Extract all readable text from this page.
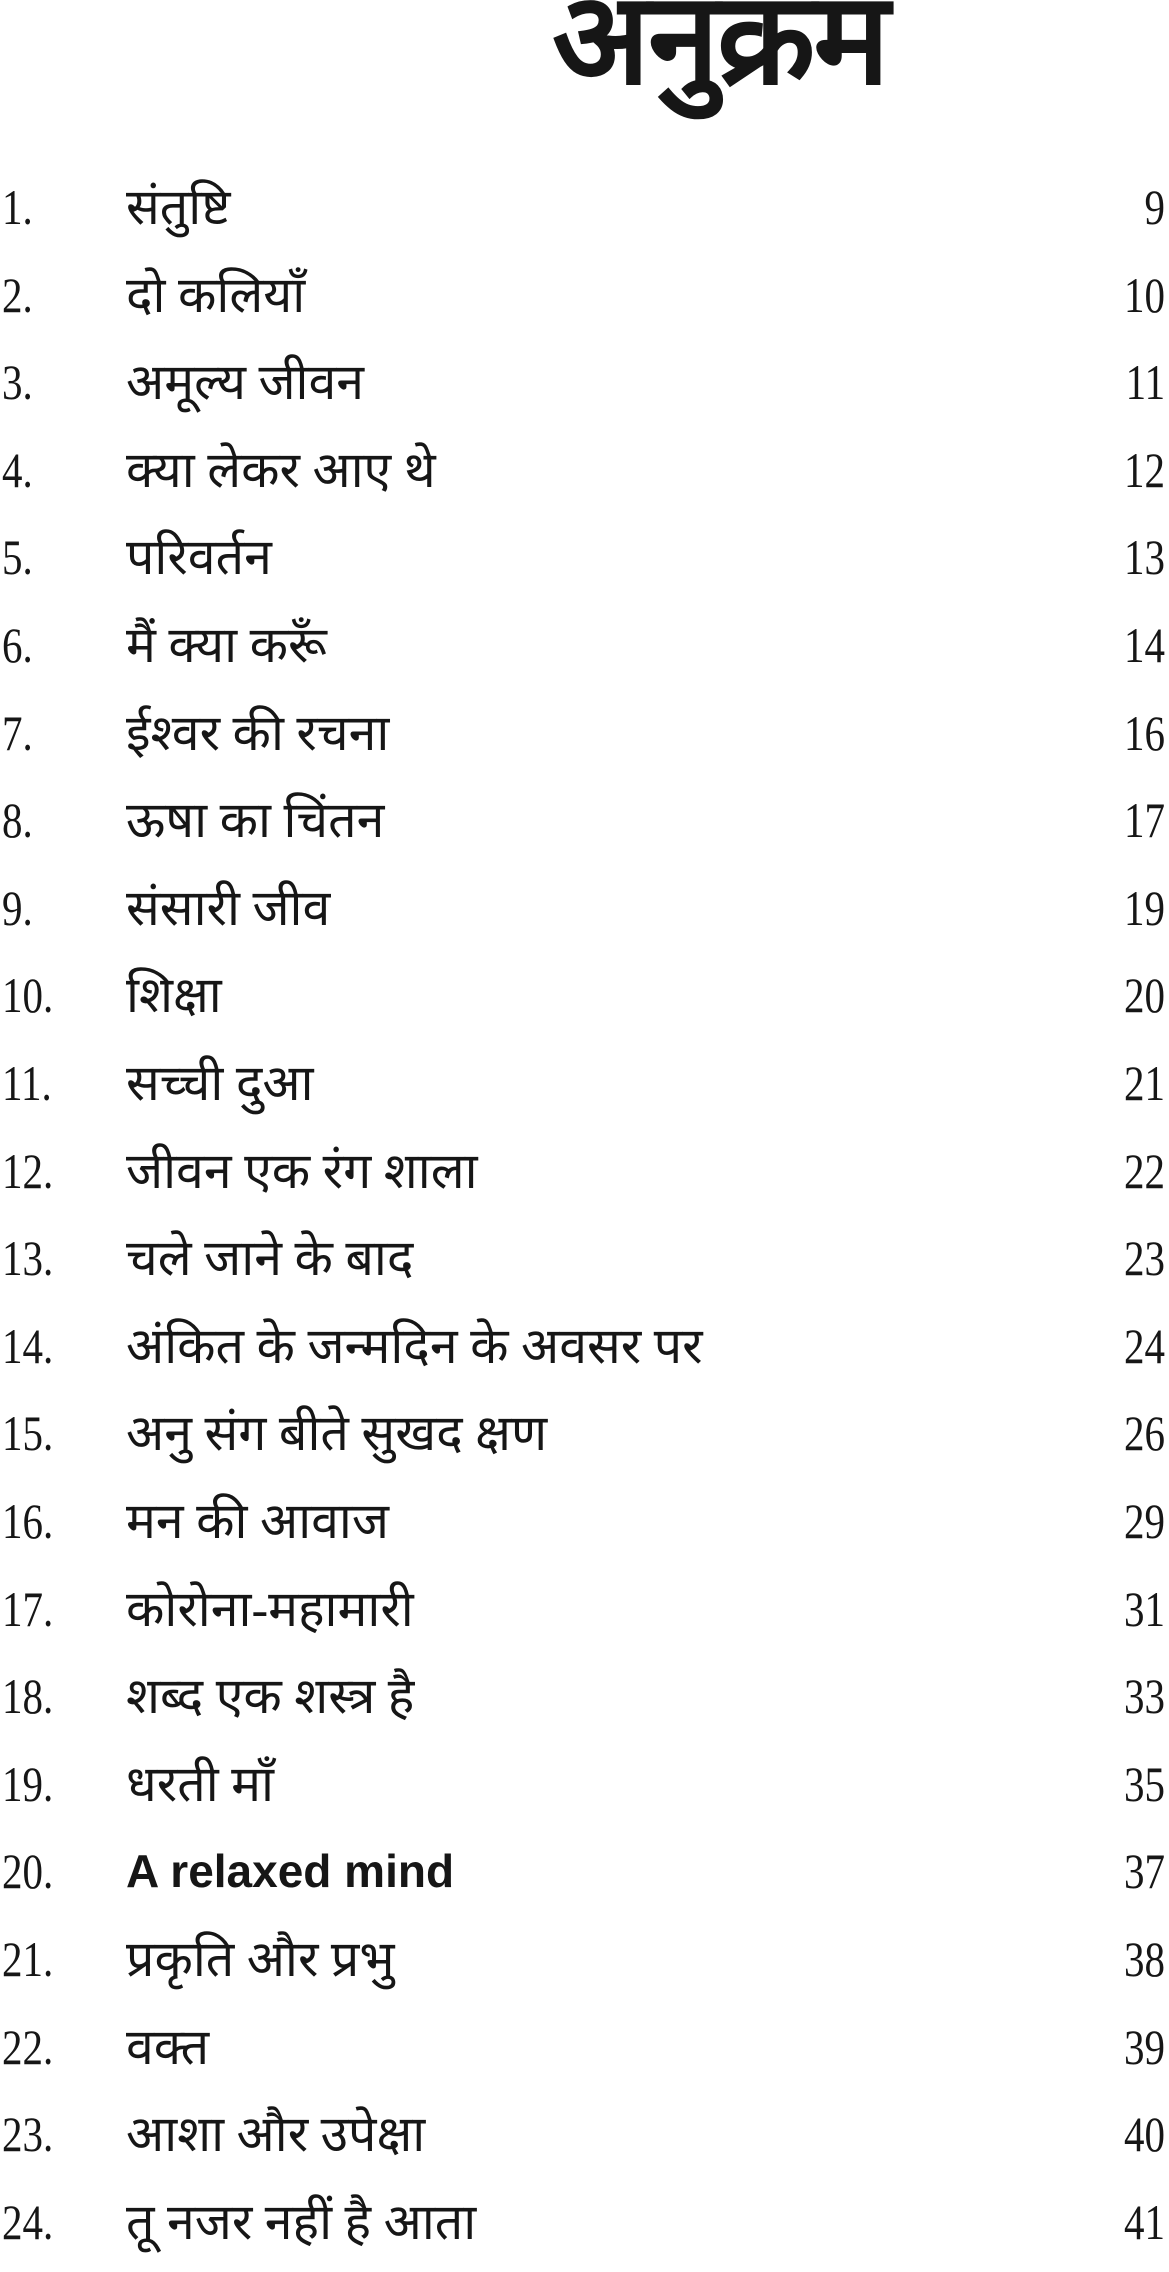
अनुक्रम
1. संतुष्टि	9
2. दो कलियाँ	10
3. अमूल्य जीवन	11
4. क्या लेकर आए थे	12
5. परिवर्तन	13
6. मैं क्या करूँ	14
7. ईश्वर की रचना	16
8. ऊषा का चिंतन	17
9. संसारी जीव	19
10. शिक्षा	20
11. सच्ची दुआ	21
12. जीवन एक रंग शाला	22
13. चले जाने के बाद	23
14. अंकित के जन्मदिन के अवसर पर	24
15. अनु संग बीते सुखद क्षण	26
16. मन की आवाज	29
17. कोरोना-महामारी	31
18. शब्द एक शस्त्र है	33
19. धरती माँ	35
20. A relaxed mind	37
21. प्रकृति और प्रभु	38
22. वक्त	39
23. आशा और उपेक्षा	40
24. तू नजर नहीं है आता	41
